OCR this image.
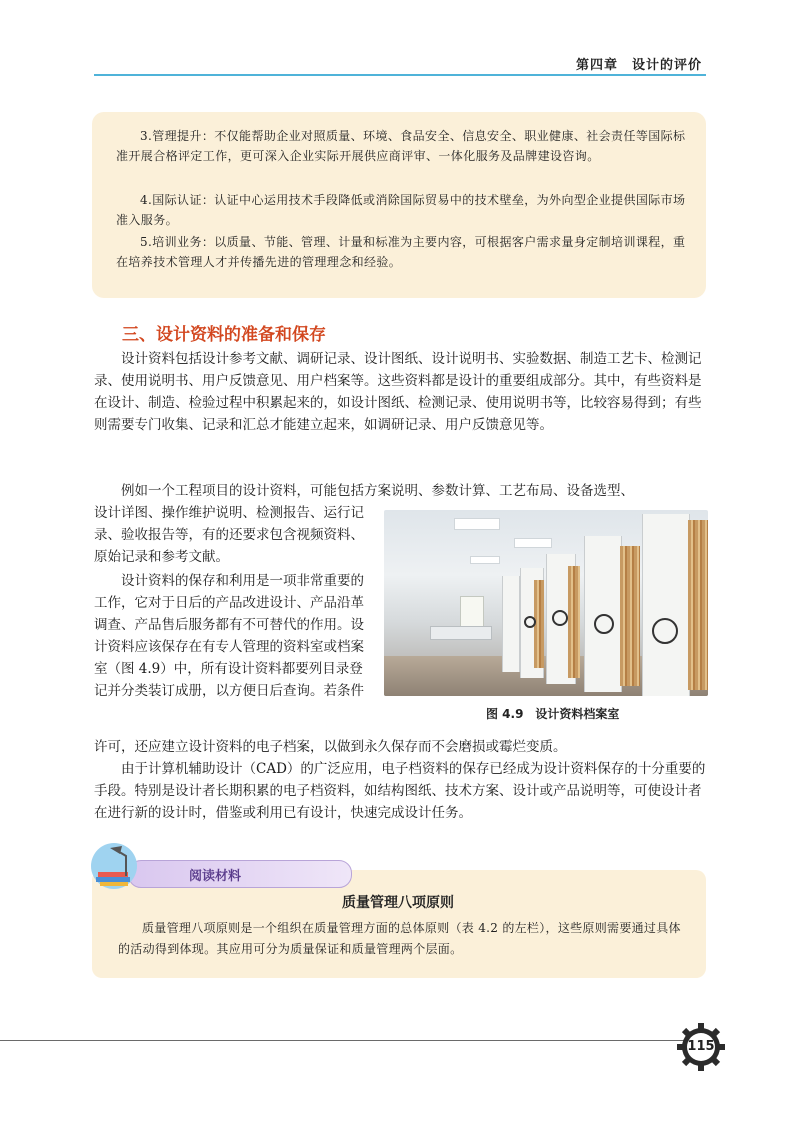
第四章　设计的评价

3.管理提升：不仅能帮助企业对照质量、环境、食品安全、信息安全、职业健康、社会责任等国际标准开展合格评定工作，更可深入企业实际开展供应商评审、一体化服务及品牌建设咨询。

4.国际认证：认证中心运用技术手段降低或消除国际贸易中的技术壁垒，为外向型企业提供国际市场准入服务。

5.培训业务：以质量、节能、管理、计量和标准为主要内容，可根据客户需求量身定制培训课程，重在培养技术管理人才并传播先进的管理理念和经验。

三、设计资料的准备和保存

设计资料包括设计参考文献、调研记录、设计图纸、设计说明书、实验数据、制造工艺卡、检测记录、使用说明书、用户反馈意见、用户档案等。这些资料都是设计的重要组成部分。其中，有些资料是在设计、制造、检验过程中积累起来的，如设计图纸、检测记录、使用说明书等，比较容易得到；有些则需要专门收集、记录和汇总才能建立起来，如调研记录、用户反馈意见等。

例如一个工程项目的设计资料，可能包括方案说明、参数计算、工艺布局、设备选型、

设计详图、操作维护说明、检测报告、运行记录、验收报告等，有的还要求包含视频资料、原始记录和参考文献。

设计资料的保存和利用是一项非常重要的工作，它对于日后的产品改进设计、产品沿革调查、产品售后服务都有不可替代的作用。设计资料应该保存在有专人管理的资料室或档案室（图 4.9）中，所有设计资料都要列目录登记并分类装订成册，以方便日后查询。若条件

许可，还应建立设计资料的电子档案，以做到永久保存而不会磨损或霉烂变质。

由于计算机辅助设计（CAD）的广泛应用，电子档资料的保存已经成为设计资料保存的十分重要的手段。特别是设计者长期积累的电子档资料，如结构图纸、技术方案、设计或产品说明等，可使设计者在进行新的设计时，借鉴或利用已有设计，快速完成设计任务。

图 4.9　设计资料档案室
阅读材料
质量管理八项原则

质量管理八项原则是一个组织在质量管理方面的总体原则（表 4.2 的左栏），这些原则需要通过具体的活动得到体现。其应用可分为质量保证和质量管理两个层面。

115
